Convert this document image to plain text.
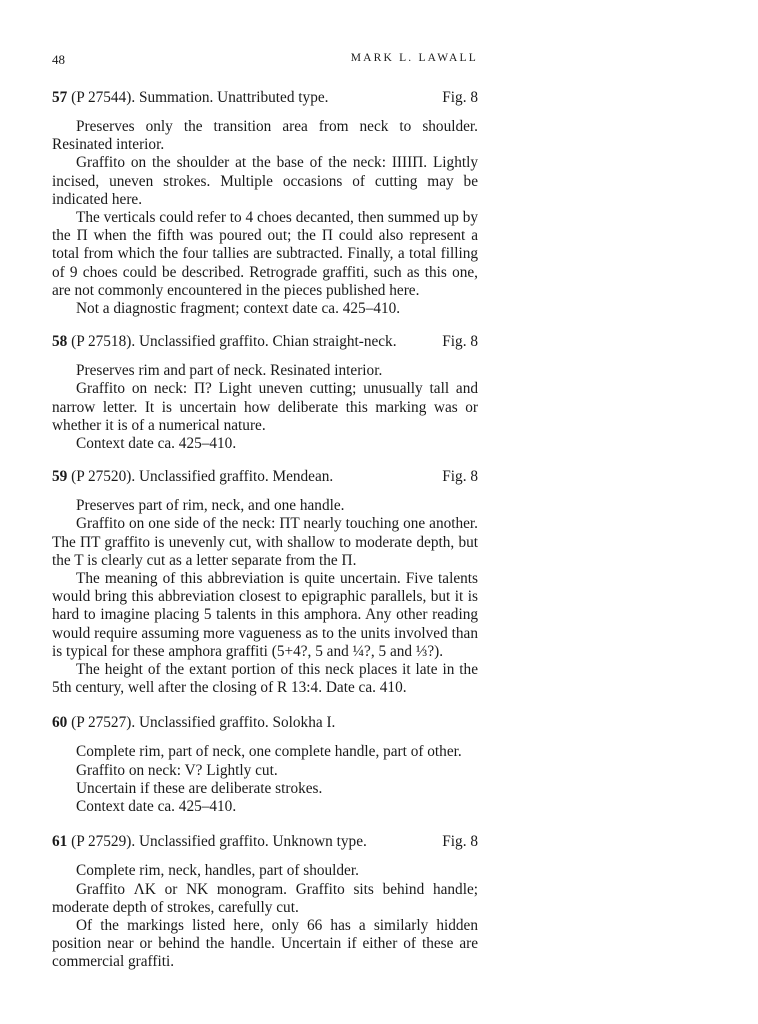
48	MARK L. LAWALL
57 (P 27544). Summation. Unattributed type.	Fig. 8

Preserves only the transition area from neck to shoulder. Resinated interior.

Graffito on the shoulder at the base of the neck: IIIIΠ. Lightly incised, uneven strokes. Multiple occasions of cutting may be indicated here.

The verticals could refer to 4 choes decanted, then summed up by the Π when the fifth was poured out; the Π could also represent a total from which the four tallies are subtracted. Finally, a total filling of 9 choes could be described. Retrograde graffiti, such as this one, are not commonly encountered in the pieces published here.

Not a diagnostic fragment; context date ca. 425–410.

58 (P 27518). Unclassified graffito. Chian straight-neck.	Fig. 8

Preserves rim and part of neck. Resinated interior.

Graffito on neck: Π? Light uneven cutting; unusually tall and narrow letter. It is uncertain how deliberate this marking was or whether it is of a numerical nature.

Context date ca. 425–410.

59 (P 27520). Unclassified graffito. Mendean.	Fig. 8

Preserves part of rim, neck, and one handle.

Graffito on one side of the neck: ΠT nearly touching one another. The ΠT graffito is unevenly cut, with shallow to moderate depth, but the T is clearly cut as a letter separate from the Π.

The meaning of this abbreviation is quite uncertain. Five talents would bring this abbreviation closest to epigraphic parallels, but it is hard to imagine placing 5 talents in this amphora. Any other reading would require assuming more vagueness as to the units involved than is typical for these amphora graffiti (5+4?, 5 and ¼?, 5 and ⅓?).

The height of the extant portion of this neck places it late in the 5th century, well after the closing of R 13:4. Date ca. 410.

60 (P 27527). Unclassified graffito. Solokha I.

Complete rim, part of neck, one complete handle, part of other.

Graffito on neck: V? Lightly cut.

Uncertain if these are deliberate strokes.

Context date ca. 425–410.

61 (P 27529). Unclassified graffito. Unknown type.	Fig. 8

Complete rim, neck, handles, part of shoulder.

Graffito ΛK or NK monogram. Graffito sits behind handle; moderate depth of strokes, carefully cut.

Of the markings listed here, only 66 has a similarly hidden position near or behind the handle. Uncertain if either of these are commercial graffiti.
